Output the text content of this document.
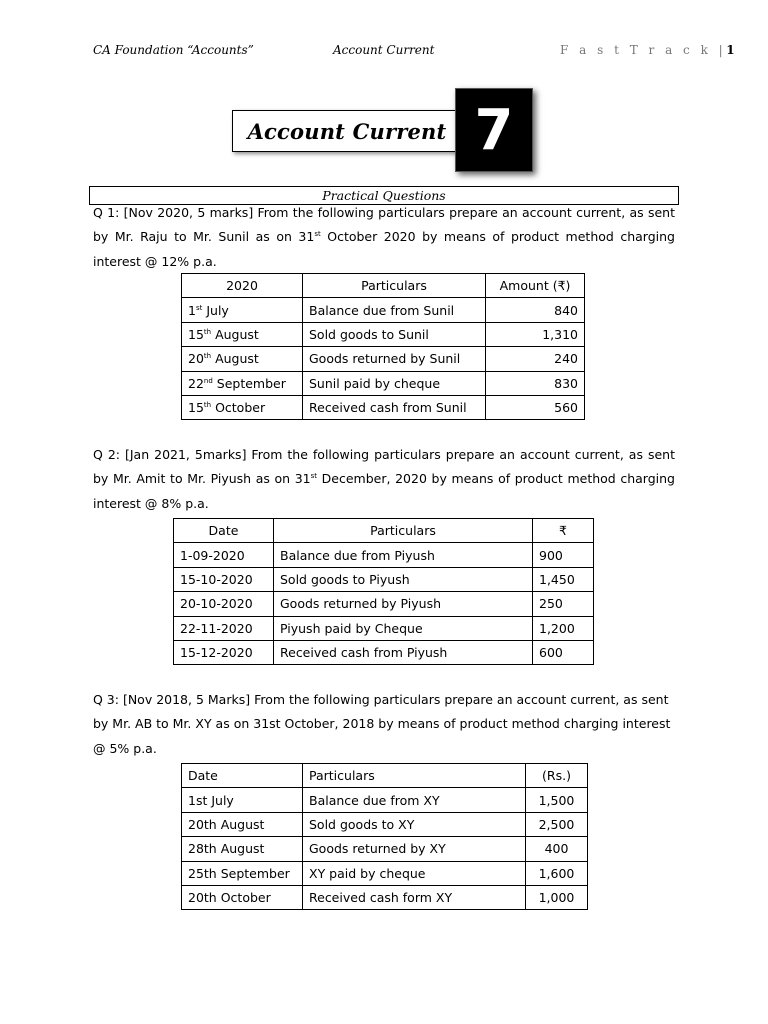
CA Foundation “Accounts”	Account Current	F a s t T r a c k |1
Account Current 7
Practical Questions
Q 1: [Nov 2020, 5 marks] From the following particulars prepare an account current, as sent by Mr. Raju to Mr. Sunil as on 31st October 2020 by means of product method charging interest @ 12% p.a.
2020	Particulars	Amount (₹)
1st July	Balance due from Sunil	840
15th August	Sold goods to Sunil	1,310
20th August	Goods returned by Sunil	240
22nd September	Sunil paid by cheque	830
15th October	Received cash from Sunil	560
Q 2: [Jan 2021, 5marks] From the following particulars prepare an account current, as sent by Mr. Amit to Mr. Piyush as on 31st December, 2020 by means of product method charging interest @ 8% p.a.
Date	Particulars	₹
1-09-2020	Balance due from Piyush	900
15-10-2020	Sold goods to Piyush	1,450
20-10-2020	Goods returned by Piyush	250
22-11-2020	Piyush paid by Cheque	1,200
15-12-2020	Received cash from Piyush	600
Q 3: [Nov 2018, 5 Marks] From the following particulars prepare an account current, as sent by Mr. AB to Mr. XY as on 31st October, 2018 by means of product method charging interest @ 5% p.a.
Date	Particulars	(Rs.)
1st July	Balance due from XY	1,500
20th August	Sold goods to XY	2,500
28th August	Goods returned by XY	400
25th September	XY paid by cheque	1,600
20th October	Received cash form XY	1,000
